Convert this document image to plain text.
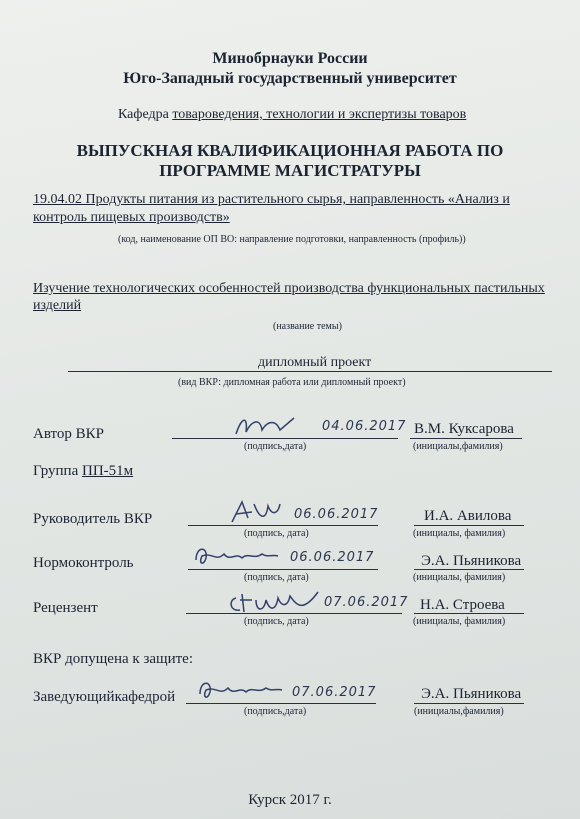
Минобрнауки России
Юго-Западный государственный университет
Кафедра товароведения, технологии и экспертизы товаров
ВЫПУСКНАЯ КВАЛИФИКАЦИОННАЯ РАБОТА ПО
ПРОГРАММЕ МАГИСТРАТУРЫ
19.04.02 Продукты питания из растительного сырья, направленность «Анализ и
контроль пищевых производств»
(код, наименование ОП ВО: направление подготовки, направленность (профиль))
Изучение технологических особенностей производства функциональных пастильных
изделий
(название темы)
дипломный проект
(вид ВКР: дипломная работа или дипломный проект)
Автор ВКР	04.06.2017 В.М. Куксарова
(подпись,дата)	(инициалы,фамилия)
Группа ПП-51м
Руководитель ВКР	06.06.2017	И.А. Авилова
(подпись, дата)	(инициалы, фамилия)
Нормоконтроль	06.06.2017	Э.А. Пьяникова
(подпись, дата)	(инициалы, фамилия)
Рецензент	07.06.2017 Н.А. Строева
(подпись, дата)	(инициалы, фамилия)
ВКР допущена к защите:
Заведующийкафедрой	07.06.2017	Э.А. Пьяникова
(подпись,дата)	(инициалы,фамилия)
Курск 2017 г.
